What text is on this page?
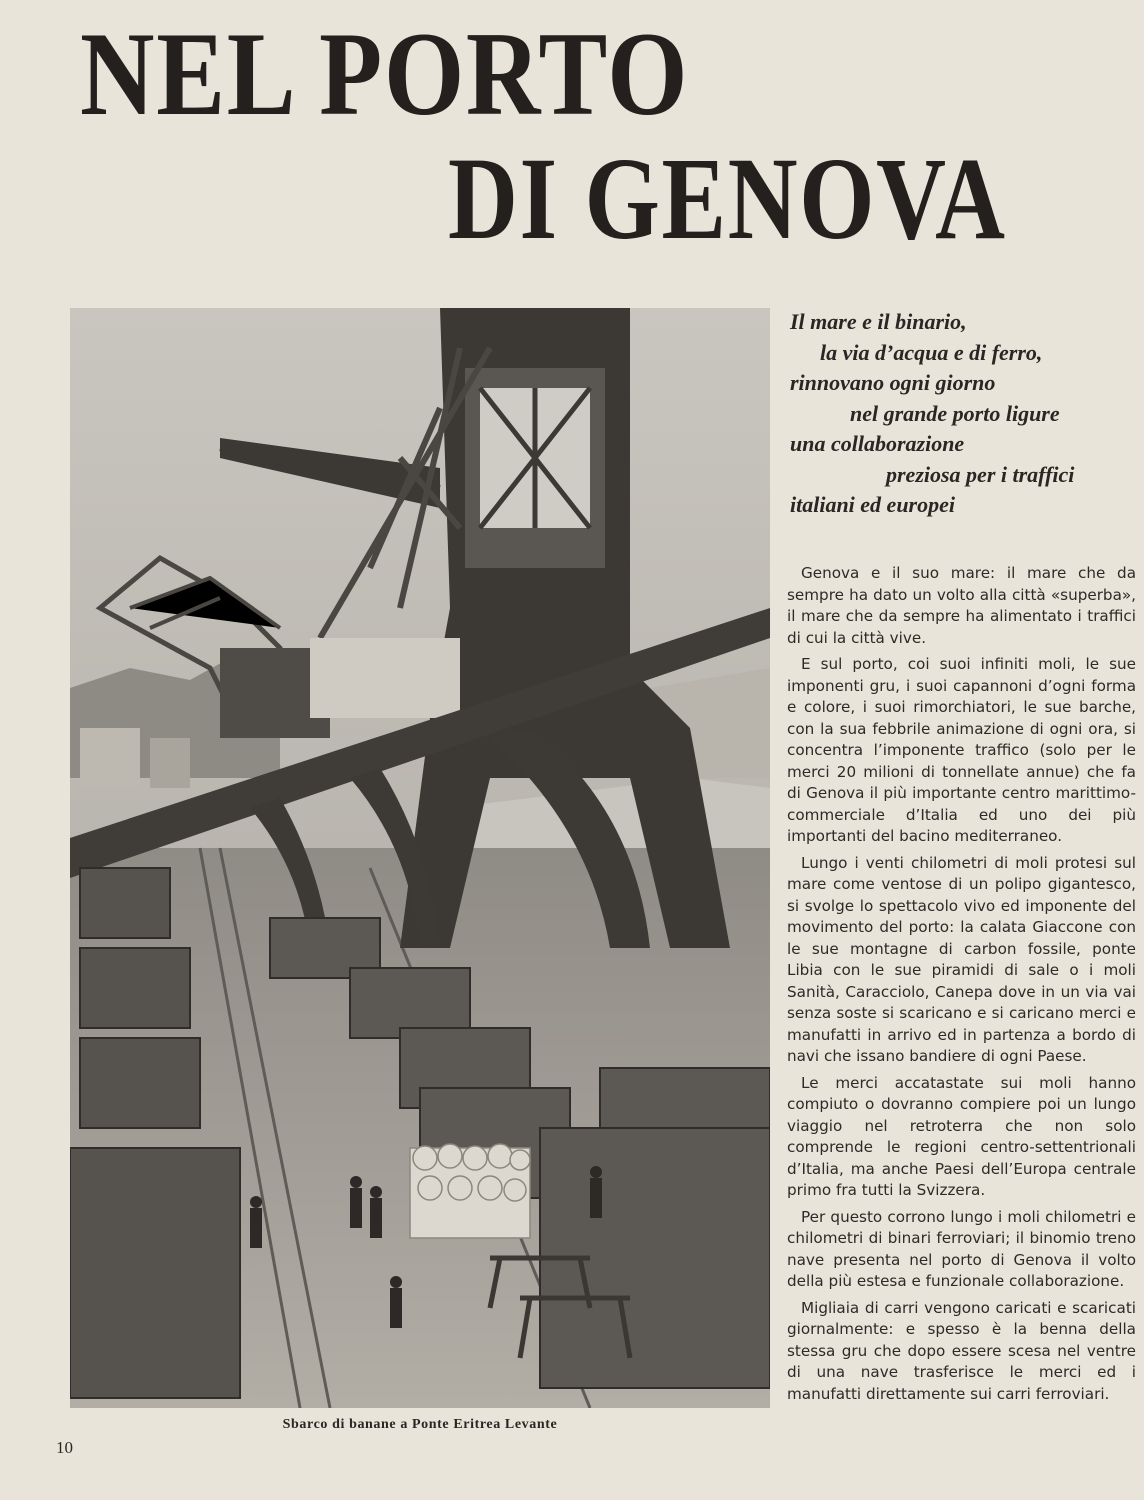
NEL PORTO
DI GENOVA
Sbarco di banane a Ponte Eritrea Levante
10
Il mare e il binario,
la via d’acqua e di ferro,
rinnovano ogni giorno
nel grande porto ligure
una collaborazione
preziosa per i traffici
italiani ed europei

Genova e il suo mare: il mare che da sempre ha dato un volto alla città «superba», il mare che da sempre ha alimentato i traffici di cui la città vive.

E sul porto, coi suoi infiniti moli, le sue imponenti gru, i suoi capannoni d’ogni forma e colore, i suoi rimorchiatori, le sue barche, con la sua febbrile animazione di ogni ora, si concentra l’imponente traffico (solo per le merci 20 milioni di tonnellate annue) che fa di Genova il più importante centro marittimo-commerciale d’Italia ed uno dei più importanti del bacino mediterraneo.

Lungo i venti chilometri di moli protesi sul mare come ventose di un polipo gigantesco, si svolge lo spettacolo vivo ed imponente del movimento del porto: la calata Giaccone con le sue montagne di carbon fossile, ponte Libia con le sue piramidi di sale o i moli Sanità, Caracciolo, Canepa dove in un via vai senza soste si scaricano e si caricano merci e manufatti in arrivo ed in partenza a bordo di navi che issano bandiere di ogni Paese.

Le merci accatastate sui moli hanno compiuto o dovranno compiere poi un lungo viaggio nel retroterra che non solo comprende le regioni centro-settentrionali d’Italia, ma anche Paesi dell’Europa centrale primo fra tutti la Svizzera.

Per questo corrono lungo i moli chilometri e chilometri di binari ferroviari; il binomio treno nave presenta nel porto di Genova il volto della più estesa e funzionale collaborazione.

Migliaia di carri vengono caricati e scaricati giornalmente: e spesso è la benna della stessa gru che dopo essere scesa nel ventre di una nave trasferisce le merci ed i manufatti direttamente sui carri ferroviari.
